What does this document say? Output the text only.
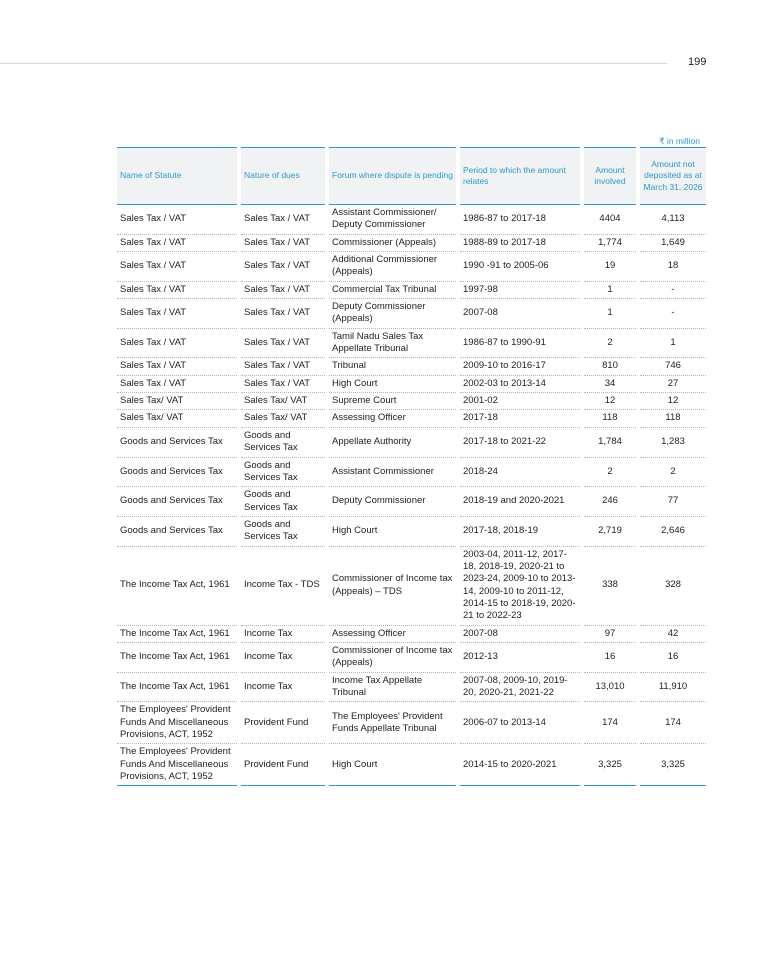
199
₹ in million
Name of Statute	Nature of dues	Forum where dispute is pending	Period to which the amount relates	Amount involved	Amount not deposited as at March 31, 2026
Sales Tax / VAT	Sales Tax / VAT	Assistant Commissioner/ Deputy Commissioner	1986-87 to 2017-18	4404	4,113
Sales Tax / VAT	Sales Tax / VAT	Commissioner (Appeals)	1988-89 to 2017-18	1,774	1,649
Sales Tax / VAT	Sales Tax / VAT	Additional Commissioner (Appeals)	1990 -91 to 2005-06	19	18
Sales Tax / VAT	Sales Tax / VAT	Commercial Tax Tribunal	1997-98	1	-
Sales Tax / VAT	Sales Tax / VAT	Deputy Commissioner (Appeals)	2007-08	1	-
Sales Tax / VAT	Sales Tax / VAT	Tamil Nadu Sales Tax Appellate Tribunal	1986-87 to 1990-91	2	1
Sales Tax / VAT	Sales Tax / VAT	Tribunal	2009-10 to 2016-17	810	746
Sales Tax / VAT	Sales Tax / VAT	High Court	2002-03 to 2013-14	34	27
Sales Tax/ VAT	Sales Tax/ VAT	Supreme Court	2001-02	12	12
Sales Tax/ VAT	Sales Tax/ VAT	Assessing Officer	2017-18	118	118
Goods and Services Tax	Goods and Services Tax	Appellate Authority	2017-18 to 2021-22	1,784	1,283
Goods and Services Tax	Goods and Services Tax	Assistant Commissioner	2018-24	2	2
Goods and Services Tax	Goods and Services Tax	Deputy Commissioner	2018-19 and 2020-2021	246	77
Goods and Services Tax	Goods and Services Tax	High Court	2017-18, 2018-19	2,719	2,646
The Income Tax Act, 1961	Income Tax - TDS	Commissioner of Income tax (Appeals) – TDS	2003-04, 2011-12, 2017-18, 2018-19, 2020-21 to 2023-24, 2009-10 to 2013-14, 2009-10 to 2011-12, 2014-15 to 2018-19, 2020-21 to 2022-23	338	328
The Income Tax Act, 1961	Income Tax	Assessing Officer	2007-08	97	42
The Income Tax Act, 1961	Income Tax	Commissioner of Income tax (Appeals)	2012-13	16	16
The Income Tax Act, 1961	Income Tax	Income Tax Appellate Tribunal	2007-08, 2009-10, 2019-20, 2020-21, 2021-22	13,010	11,910
The Employees' Provident Funds And Miscellaneous Provisions, ACT, 1952	Provident Fund	The Employees' Provident Funds Appellate Tribunal	2006-07 to 2013-14	174	174
The Employees' Provident Funds And Miscellaneous Provisions, ACT, 1952	Provident Fund	High Court	2014-15 to 2020-2021	3,325	3,325
